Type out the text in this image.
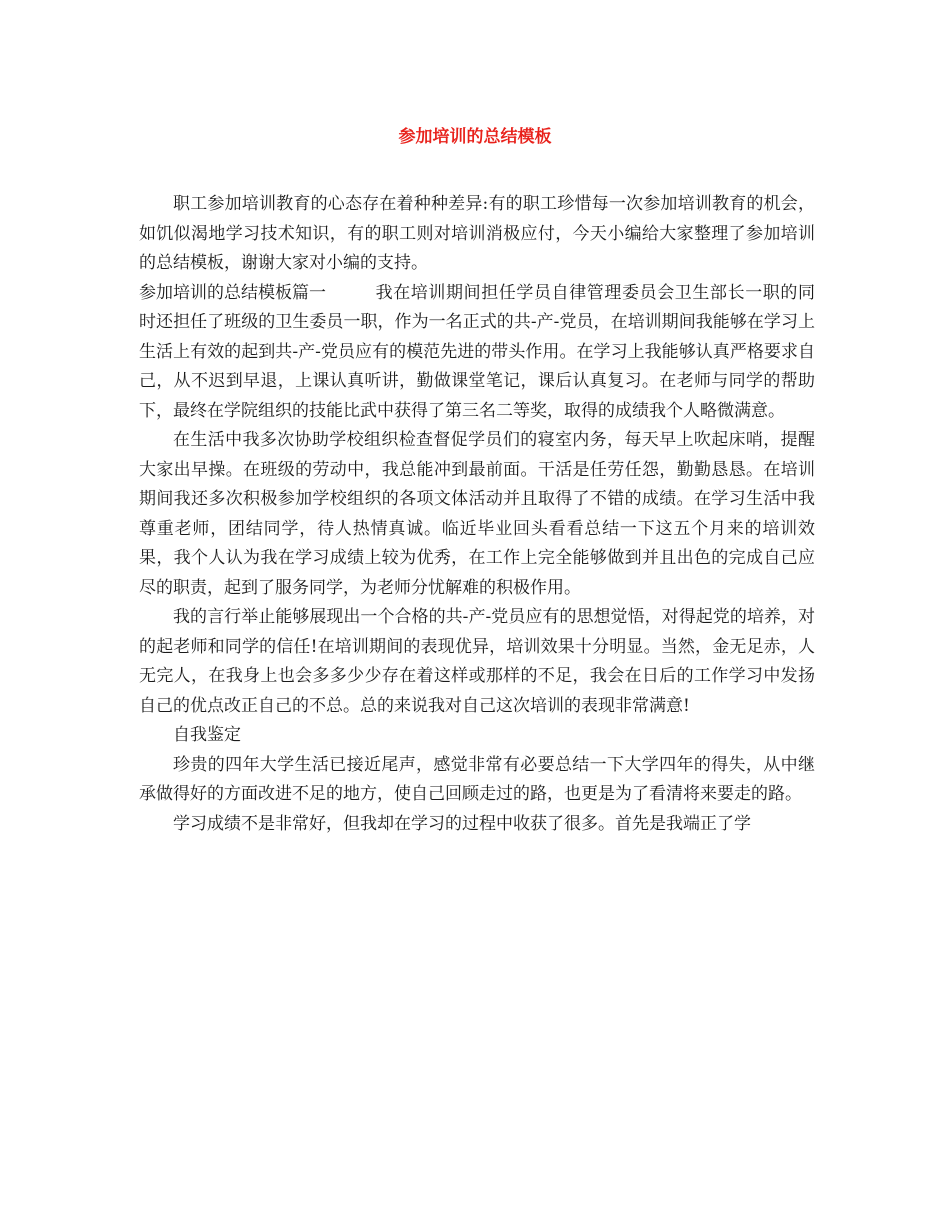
参加培训的总结模板

职工参加培训教育的心态存在着种种差异:有的职工珍惜每一次参加培训教育的机会，如饥似渴地学习技术知识，有的职工则对培训消极应付，今天小编给大家整理了参加培训的总结模板，谢谢大家对小编的支持。

参加培训的总结模板篇一	我在培训期间担任学员自律管理委员会卫生部长一职的同时还担任了班级的卫生委员一职，作为一名正式的共-产-党员，在培训期间我能够在学习上生活上有效的起到共-产-党员应有的模范先进的带头作用。在学习上我能够认真严格要求自己，从不迟到早退，上课认真听讲，勤做课堂笔记，课后认真复习。在老师与同学的帮助下，最终在学院组织的技能比武中获得了第三名二等奖，取得的成绩我个人略微满意。

在生活中我多次协助学校组织检查督促学员们的寝室内务，每天早上吹起床哨，提醒大家出早操。在班级的劳动中，我总能冲到最前面。干活是任劳任怨，勤勤恳恳。在培训期间我还多次积极参加学校组织的各项文体活动并且取得了不错的成绩。在学习生活中我尊重老师，团结同学，待人热情真诚。临近毕业回头看看总结一下这五个月来的培训效果，我个人认为我在学习成绩上较为优秀，在工作上完全能够做到并且出色的完成自己应尽的职责，起到了服务同学，为老师分忧解难的积极作用。

我的言行举止能够展现出一个合格的共-产-党员应有的思想觉悟，对得起党的培养，对的起老师和同学的信任!在培训期间的表现优异，培训效果十分明显。当然，金无足赤，人无完人，在我身上也会多多少少存在着这样或那样的不足，我会在日后的工作学习中发扬自己的优点改正自己的不总。总的来说我对自己这次培训的表现非常满意!

自我鉴定

珍贵的四年大学生活已接近尾声，感觉非常有必要总结一下大学四年的得失，从中继承做得好的方面改进不足的地方，使自己回顾走过的路，也更是为了看清将来要走的路。

学习成绩不是非常好，但我却在学习的过程中收获了很多。首先是我端正了学
